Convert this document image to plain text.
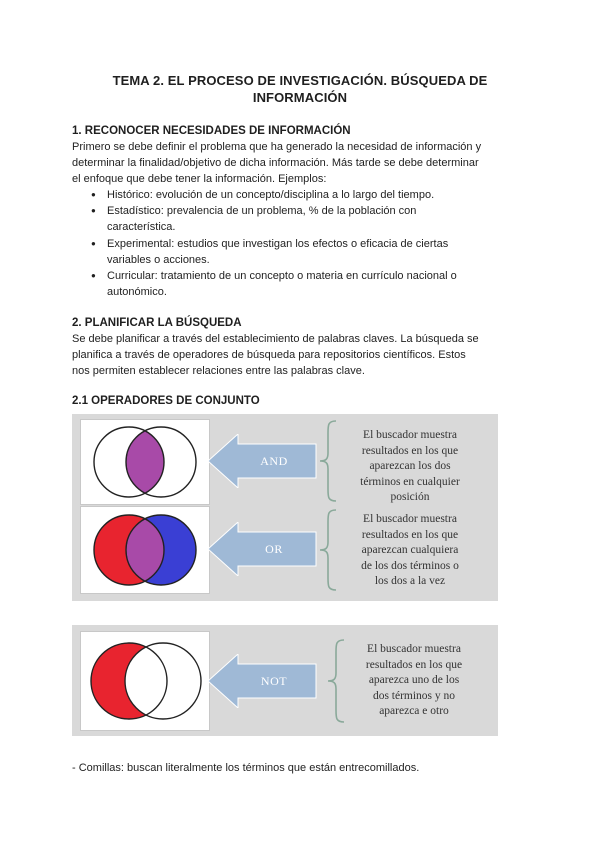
TEMA 2. EL PROCESO DE INVESTIGACIÓN. BÚSQUEDA DE
INFORMACIÓN
1. RECONOCER NECESIDADES DE INFORMACIÓN
Primero se debe definir el problema que ha generado la necesidad de información y
determinar la finalidad/objetivo de dicha información. Más tarde se debe determinar
el enfoque que debe tener la información. Ejemplos:
● Histórico: evolución de un concepto/disciplina a lo largo del tiempo.
● Estadístico: prevalencia de un problema, % de la población con
característica.
● Experimental: estudios que investigan los efectos o eficacia de ciertas
variables o acciones.
● Curricular: tratamiento de un concepto o materia en currículo nacional o
autonómico.
2. PLANIFICAR LA BÚSQUEDA
Se debe planificar a través del establecimiento de palabras claves. La búsqueda se
planifica a través de operadores de búsqueda para repositorios científicos. Estos
nos permiten establecer relaciones entre las palabras clave.
2.1 OPERADORES DE CONJUNTO
AND
OR
El buscador muestra
resultados en los que
aparezcan los dos
términos en cualquier
posición
El buscador muestra
resultados en los que
aparezcan cualquiera
de los dos términos o
los dos a la vez
NOT
El buscador muestra
resultados en los que
aparezca uno de los
dos términos y no
aparezca e otro
- Comillas: buscan literalmente los términos que están entrecomillados.
